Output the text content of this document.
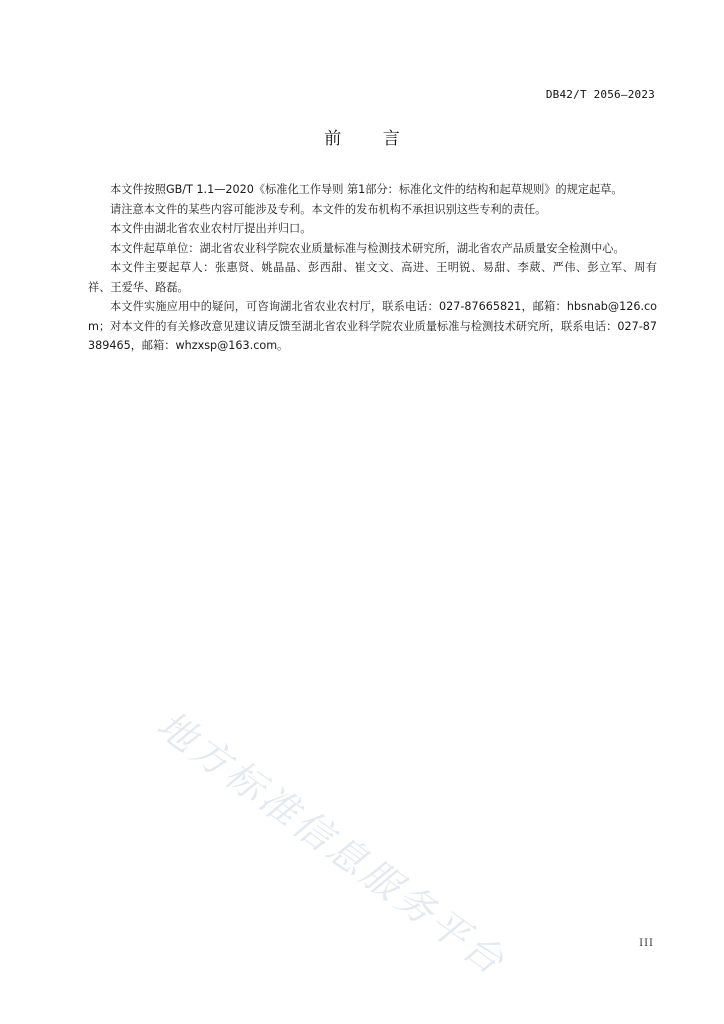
DB42/T 2056—2023
前 言

本文件按照GB/T 1.1—2020《标准化工作导则 第1部分：标准化文件的结构和起草规则》的规定起草。

请注意本文件的某些内容可能涉及专利。本文件的发布机构不承担识别这些专利的责任。

本文件由湖北省农业农村厅提出并归口。

本文件起草单位：湖北省农业科学院农业质量标准与检测技术研究所，湖北省农产品质量安全检测中心。

本文件主要起草人：张惠贤、姚晶晶、彭西甜、崔文文、高进、王明锐、易甜、李葳、严伟、彭立军、周有祥、王爱华、路磊。

本文件实施应用中的疑问，可咨询湖北省农业农村厅，联系电话：027-87665821，邮箱：hbsnab@126.com；对本文件的有关修改意见建议请反馈至湖北省农业科学院农业质量标准与检测技术研究所，联系电话：027-87389465，邮箱：whzxsp@163.com。

地方标准信息服务平台	III
